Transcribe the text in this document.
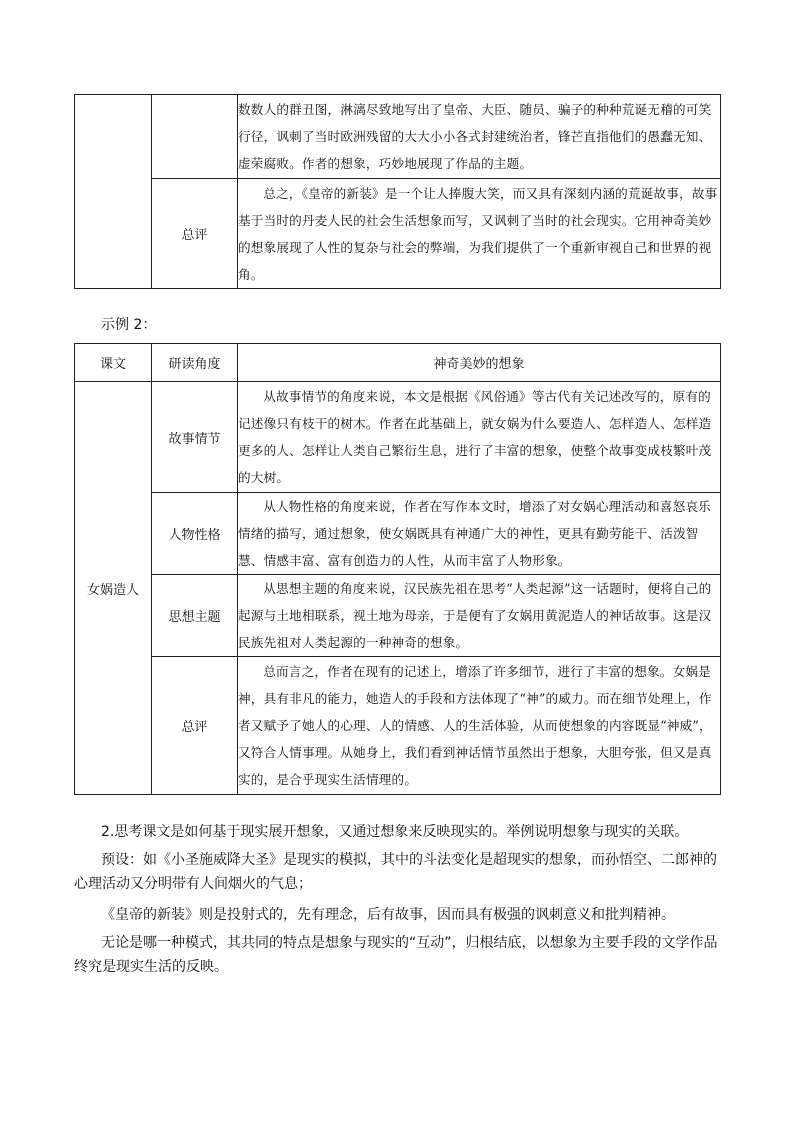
		数数人的群丑图，淋漓尽致地写出了皇帝、大臣、随员、骗子的种种荒诞无稽的可笑行径，讽刺了当时欧洲残留的大大小小各式封建统治者，锋芒直指他们的愚蠢无知、虚荣腐败。作者的想象，巧妙地展现了作品的主题。

	总评	总之，《皇帝的新装》是一个让人捧腹大笑，而又具有深刻内涵的荒诞故事，故事基于当时的丹麦人民的社会生活想象而写，又讽刺了当时的社会现实。它用神奇美妙的想象展现了人性的复杂与社会的弊端，为我们提供了一个重新审视自己和世界的视角。
示例 2：
课文	研读角度	神奇美妙的想象
女娲造人	故事情节	从故事情节的角度来说，本文是根据《风俗通》等古代有关记述改写的，原有的记述像只有枝干的树木。作者在此基础上，就女娲为什么要造人、怎样造人、怎样造更多的人、怎样让人类自己繁衍生息，进行了丰富的想象，使整个故事变成枝繁叶茂的大树。

	人物性格	从人物性格的角度来说，作者在写作本文时，增添了对女娲心理活动和喜怒哀乐情绪的描写，通过想象，使女娲既具有神通广大的神性，更具有勤劳能干、活泼智慧、情感丰富、富有创造力的人性，从而丰富了人物形象。

	思想主题	从思想主题的角度来说，汉民族先祖在思考“人类起源”这一话题时，便将自己的起源与土地相联系，视土地为母亲，于是便有了女娲用黄泥造人的神话故事。这是汉民族先祖对人类起源的一种神奇的想象。

	总评	总而言之，作者在现有的记述上，增添了许多细节，进行了丰富的想象。女娲是神，具有非凡的能力，她造人的手段和方法体现了“神”的威力。而在细节处理上，作者又赋予了她人的心理、人的情感、人的生活体验，从而使想象的内容既显“神威”，又符合人情事理。从她身上，我们看到神话情节虽然出于想象，大胆夸张，但又是真实的，是合乎现实生活情理的。
2.思考课文是如何基于现实展开想象，又通过想象来反映现实的。举例说明想象与现实的关联。
预设：如《小圣施威降大圣》是现实的模拟，其中的斗法变化是超现实的想象，而孙悟空、二郎神的心理活动又分明带有人间烟火的气息；
《皇帝的新装》则是投射式的，先有理念，后有故事，因而具有极强的讽刺意义和批判精神。
无论是哪一种模式，其共同的特点是想象与现实的“互动”，归根结底，以想象为主要手段的文学作品终究是现实生活的反映。
